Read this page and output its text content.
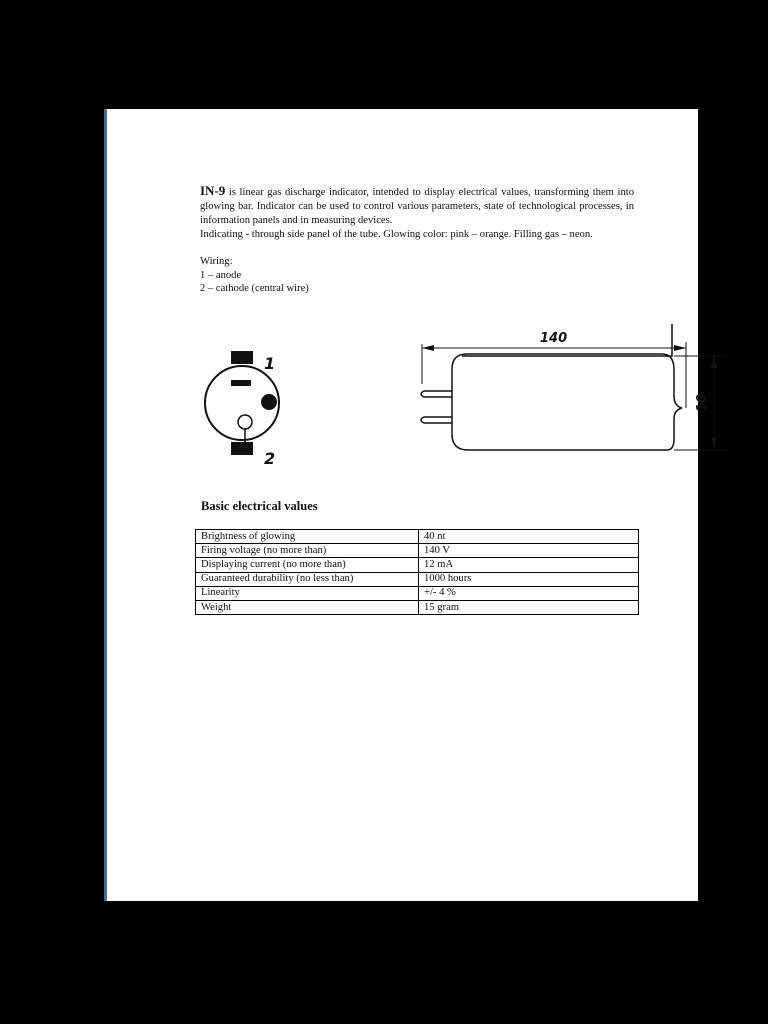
IN-9 is linear gas discharge indicator, intended to display electrical values, transforming them into glowing bar. Indicator can be used to control various parameters, state of technological processes, in information panels and in measuring devices.

Indicating - through side panel of the tube. Glowing color: pink – orange. Filling gas – neon.

Wiring:
1 – anode
2 – cathode (central wire)
1
2
140
10
Basic electrical values
Brightness of glowing	40 nt
Firing voltage (no more than)	140 V
Displaying current (no more than)	12 mA
Guaranteed durability (no less than)	1000 hours
Linearity	+/- 4 %
Weight	15 gram
